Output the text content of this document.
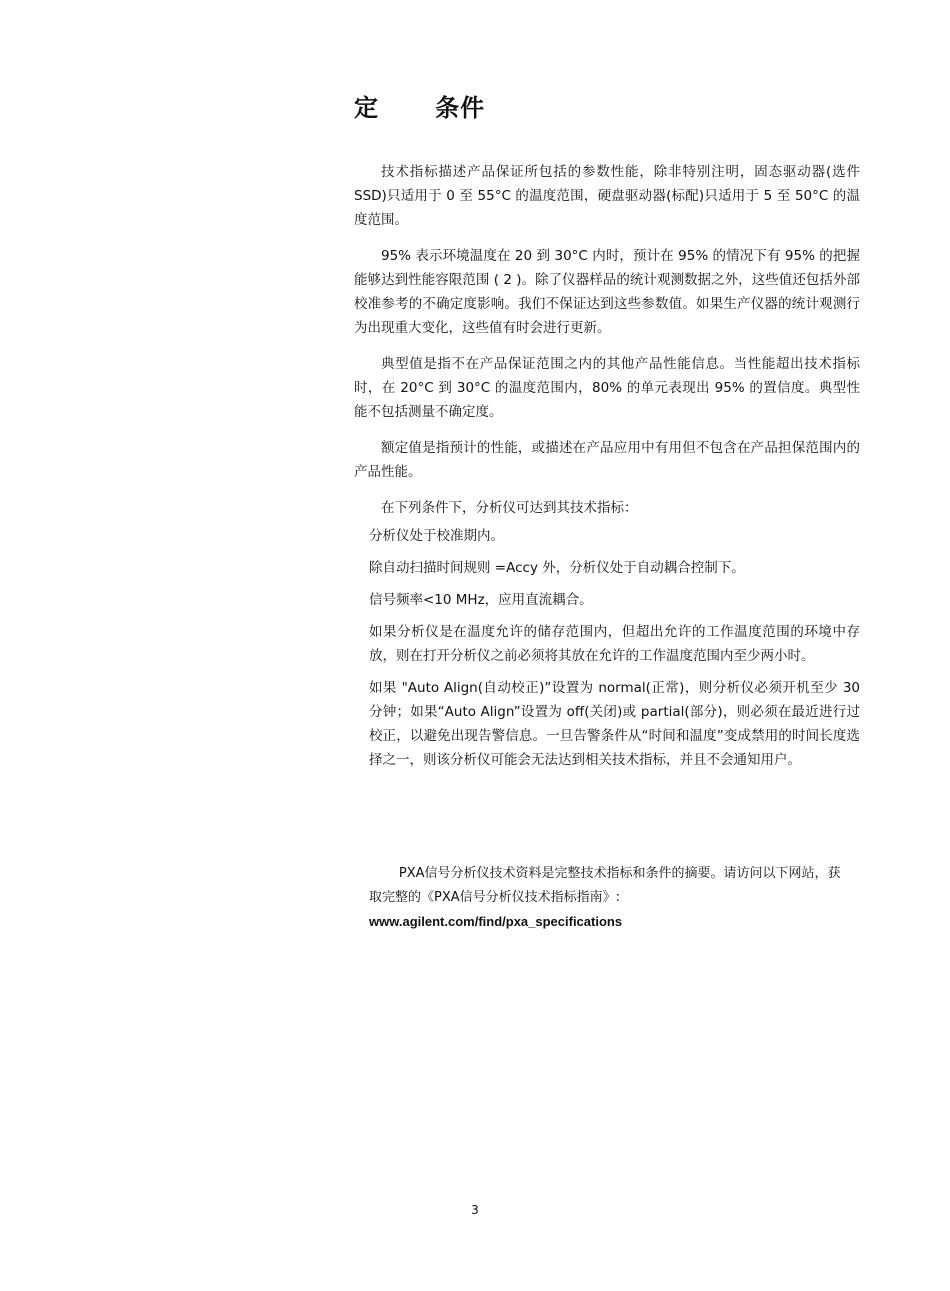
定      条件

技术指标描述产品保证所包括的参数性能，除非特别注明，固态驱动器(选件 SSD)只适用于 0 至 55°C 的温度范围，硬盘驱动器(标配)只适用于 5 至 50°C 的温度范围。

95% 表示环境温度在 20 到 30°C 内时，预计在 95% 的情况下有 95% 的把握能够达到性能容限范围 ( 2 )。除了仪器样品的统计观测数据之外，这些值还包括外部校准参考的不确定度影响。我们不保证达到这些参数值。如果生产仪器的统计观测行为出现重大变化，这些值有时会进行更新。

典型值是指不在产品保证范围之内的其他产品性能信息。当性能超出技术指标时，在 20°C 到 30°C 的温度范围内，80% 的单元表现出 95% 的置信度。典型性能不包括测量不确定度。

额定值是指预计的性能，或描述在产品应用中有用但不包含在产品担保范围内的产品性能。

在下列条件下，分析仪可达到其技术指标：

分析仪处于校准期内。
除自动扫描时间规则 =Accy 外，分析仪处于自动耦合控制下。
信号频率<10 MHz，应用直流耦合。
如果分析仪是在温度允许的储存范围内，但超出允许的工作温度范围的环境中存放，则在打开分析仪之前必须将其放在允许的工作温度范围内至少两小时。
如果 "Auto Align(自动校正)”设置为 normal(正常)，则分析仪必须开机至少 30 分钟；如果“Auto Align”设置为 off(关闭)或 partial(部分)，则必须在最近进行过校正，以避免出现告警信息。一旦告警条件从“时间和温度”变成禁用的时间长度选择之一，则该分析仪可能会无法达到相关技术指标，并且不会通知用户。

PXA信号分析仪技术资料是完整技术指标和条件的摘要。请访问以下网站，获取完整的《PXA信号分析仪技术指标指南》: www.agilent.com/find/pxa_specifications

3
